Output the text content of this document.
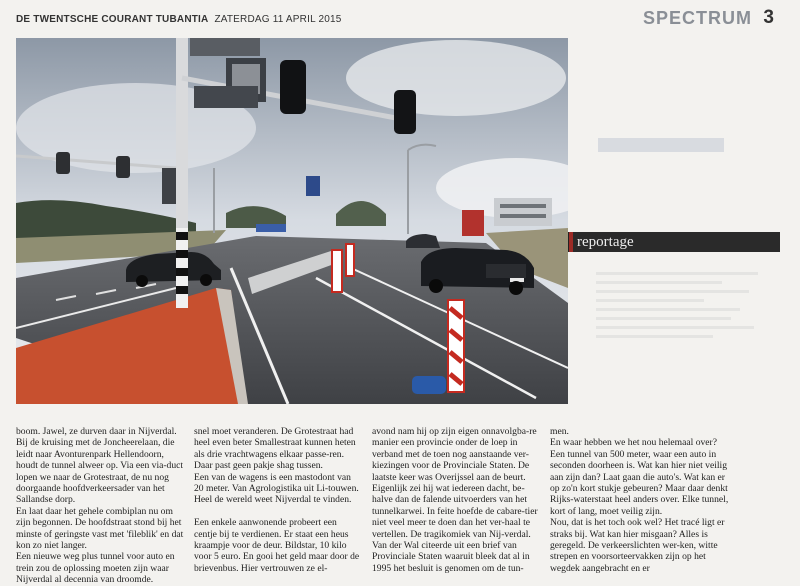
DE TWENTSCHE COURANT TUBANTIA ZATERDAG 11 APRIL 2015	SPECTRUM 3
reportage

boom. Jawel, ze durven daar in Nijverdal.
Bij de kruising met de Joncheerelaan, die leidt naar Avonturenpark Hellendoorn, houdt de tunnel alweer op. Via een via-duct lopen we naar de Grotestraat, de nu nog doorgaande hoofdverkeersader van het Sallandse dorp.
En laat daar het gehele combiplan nu om zijn begonnen. De hoofdstraat stond bij het minste of geringste vast met 'fileblik' en dat kon zo niet langer.
Een nieuwe weg plus tunnel voor auto en trein zou de oplossing moeten zijn waar Nijverdal al decennia van droomde.

snel moet veranderen. De Grotestraat had heel even beter Smallestraat kunnen heten als drie vrachtwagens elkaar passe-ren. Daar past geen pakje shag tussen.
Een van de wagens is een mastodont van 20 meter. Van Agrologistika uit Li-touwen. Heel de wereld weet Nijverdal te vinden.

Een enkele aanwonende probeert een centje bij te verdienen. Er staat een heus kraampje voor de deur. Bildstar, 10 kilo voor 5 euro. En gooi het geld maar door de brievenbus. Hier vertrouwen ze el-

avond nam hij op zijn eigen onnavolgba-re manier een provincie onder de loep in verband met de toen nog aanstaande ver-kiezingen voor de Provinciale Staten. De laatste keer was Overijssel aan de beurt. Eigenlijk zei hij wat iedereen dacht, be-halve dan de falende uitvoerders van het tunnelkarwei. In feite hoefde de cabare-tier niet veel meer te doen dan het ver-haal te vertellen. De tragikomiek van Nij-verdal.
Van der Wal citeerde uit een brief van Provinciale Staten waaruit bleek dat al in 1995 het besluit is genomen om de tun-

men.
En waar hebben we het nou helemaal over? Een tunnel van 500 meter, waar een auto in seconden doorheen is. Wat kan hier niet veilig aan zijn dan? Laat gaan die auto's. Wat kan er op zo'n kort stukje gebeuren? Maar daar denkt Rijks-waterstaat heel anders over. Elke tunnel, kort of lang, moet veilig zijn.
Nou, dat is het toch ook wel? Het tracé ligt er straks bij. Wat kan hier misgaan? Alles is geregeld. De verkeerslichten wer-ken, witte strepen en voorsorteervakken zijn op het wegdek aangebracht en er
